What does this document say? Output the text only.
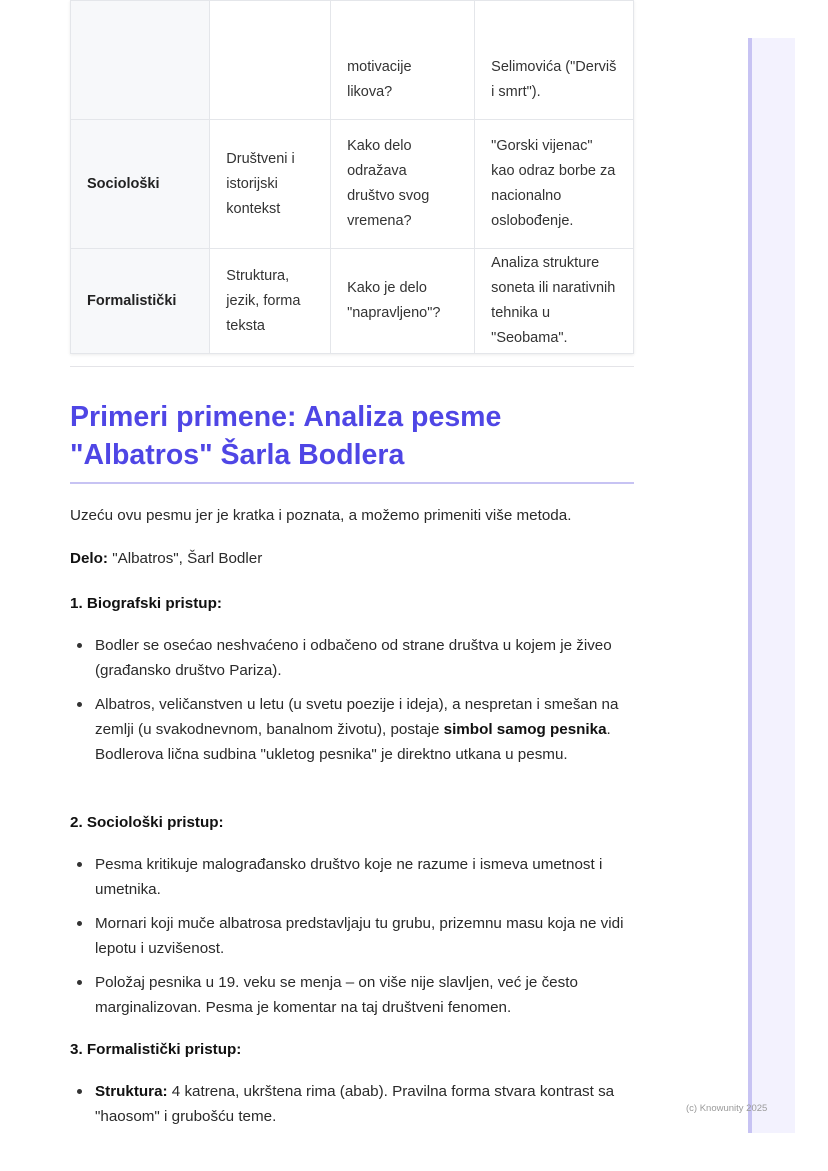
		motivacije likova?	Selimovića ("Derviš i smrt").
Sociološki	Društveni i istorijski kontekst	Kako delo odražava društvo svog vremena?	"Gorski vijenac" kao odraz borbe za nacionalno oslobođenje.
Formalistički	Struktura, jezik, forma teksta	Kako je delo "napravljeno"?	Analiza strukture soneta ili narativnih tehnika u "Seobama".
Primeri primene: Analiza pesme "Albatros" Šarla Bodlera
Uzeću ovu pesmu jer je kratka i poznata, a možemo primeniti više metoda.
Delo: "Albatros", Šarl Bodler
1. Biografski pristup:
Bodler se osećao neshvaćeno i odbačeno od strane društva u kojem je živeo (građansko društvo Pariza).
Albatros, veličanstven u letu (u svetu poezije i ideja), a nespretan i smešan na zemlji (u svakodnevnom, banalnom životu), postaje simbol samog pesnika. Bodlerova lična sudbina "ukletog pesnika" je direktno utkana u pesmu.
2. Sociološki pristup:
Pesma kritikuje malograđansko društvo koje ne razume i ismeva umetnost i umetnika.
Mornari koji muče albatrosa predstavljaju tu grubu, prizemnu masu koja ne vidi lepotu i uzvišenost.
Položaj pesnika u 19. veku se menja – on više nije slavljen, već je često marginalizovan. Pesma je komentar na taj društveni fenomen.
3. Formalistički pristup:
Struktura: 4 katrena, ukrštena rima (abab). Pravilna forma stvara kontrast sa "haosom" i grubošću teme.	(c) Knowunity 2025
